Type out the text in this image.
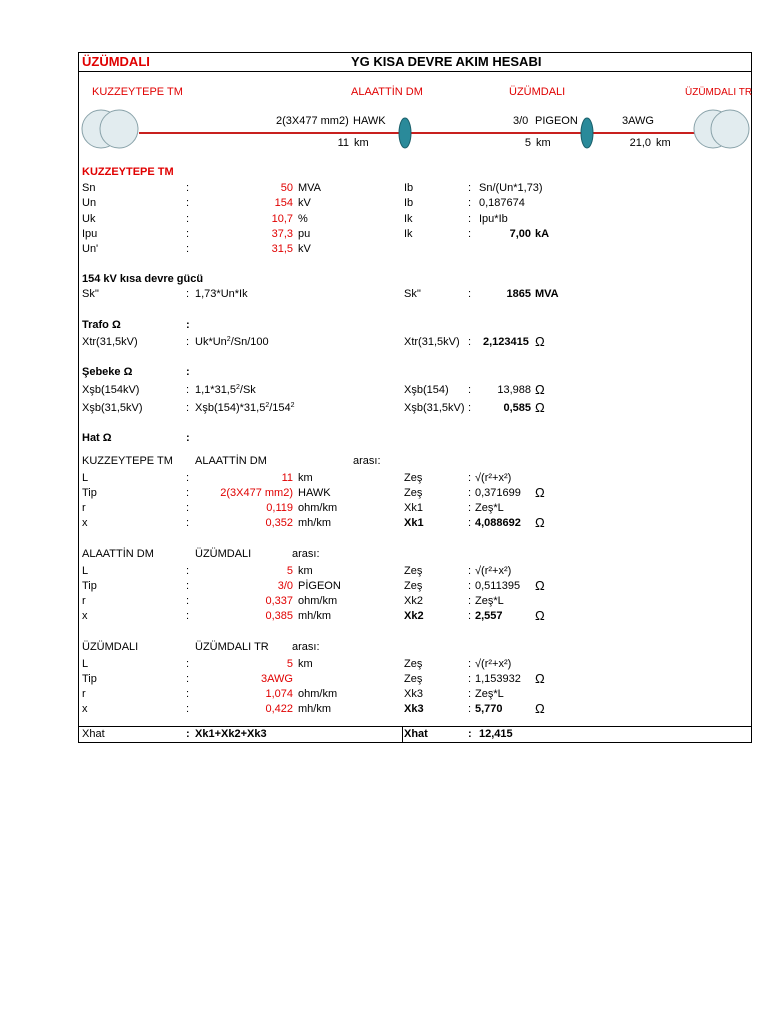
ÜZÜMDALI	YG KISA DEVRE AKIM HESABI
KUZZEYTEPE TM	ALAATTİN DM	ÜZÜMDALI	ÜZÜMDALI TR
2(3X477 mm2) HAWK
11 km
3/0 PIGEON
5 km
3AWG
21,0 km
KUZZEYTEPE TM
Sn	:	50 MVA	Ib	: Sn/(Un*1,73)
Un	:	154 kV	Ib	: 0,187674
Uk	:	10,7 %	Ik	: Ipu*Ib
Ipu	:	37,3 pu	Ik	:	7,00 kA
Un'	:	31,5 kV
154 kV kısa devre gücü
Sk''	: 1,73*Un*Ik	Sk''	:	1865 MVA
Trafo Ω	:
Xtr(31,5kV)	: Uk*Un$^2$/Sn/100	Xtr(31,5kV) : 2,123415 Ω
Şebeke Ω	:
Xşb(154kV)	: 1,1*31,5$^2$/Sk	Xşb(154) :	13,988 Ω
Xşb(31,5kV)	: $Xşb(154)*31,5^2/154^2$	Xşb(31,5kV) :	0,585 Ω
Hat Ω	:
KUZZEYTEPE TM ALAATTİN DM	arası:
L	:	11 km	Zeş	: √(r²+x²)
Tip	:	2(3X477 mm2) HAWK	Zeş	: 0,371699 Ω
r	:	0,119 ohm/km	Xk1	: Zeş*L
x	:	0,352 mh/km	Xk1	: 4,088692 Ω
ALAATTİN DM	ÜZÜMDALI	arası:
L	:	5 km	Zeş	: √(r²+x²)
Tip	:	3/0 PİGEON	Zeş	: 0,511395 Ω
r	:	0,337 ohm/km	Xk2	: Zeş*L
x	:	0,385 mh/km	Xk2	: 2,557 Ω
ÜZÜMDALI	ÜZÜMDALI TR arası:
L	:	5 km	Zeş	: √(r²+x²)
Tip	:	3AWG	Zeş	: 1,153932 Ω
r	:	1,074 ohm/km	Xk3	: Zeş*L
x	:	0,422 mh/km	Xk3	: 5,770 Ω
Xhat	: Xk1+Xk2+Xk3	Xhat	: 12,415
